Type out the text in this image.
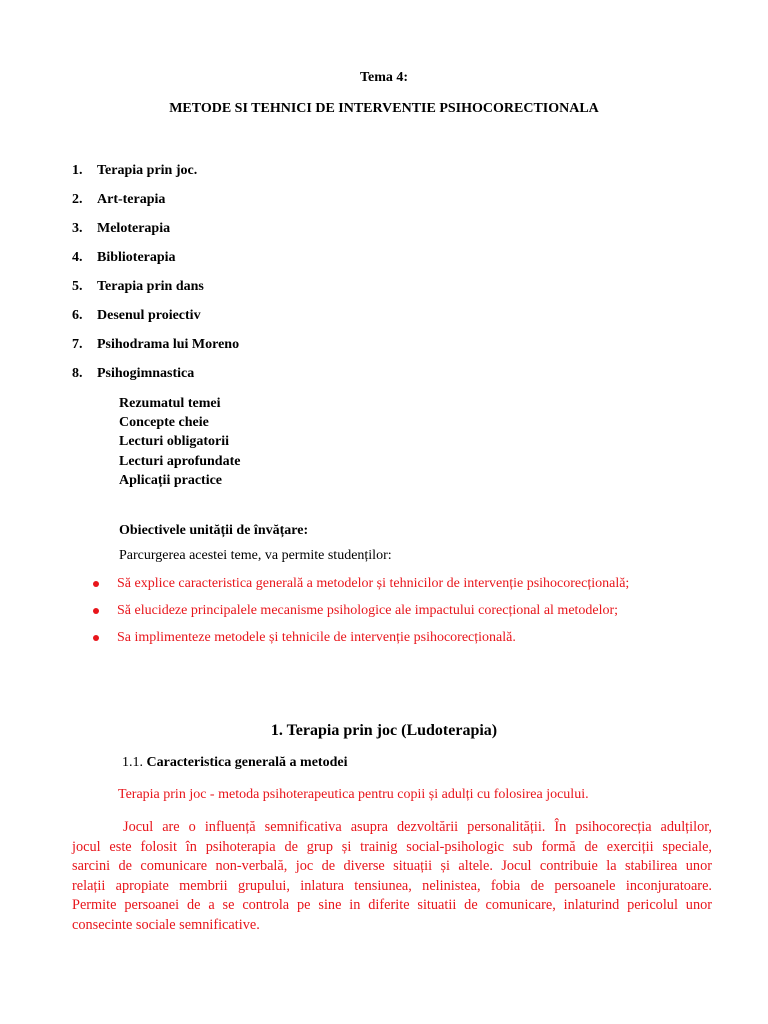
Tema 4:
METODE SI TEHNICI DE INTERVENTIE PSIHOCORECTIONALA
1.	Terapia prin joc.
2.	Art-terapia
3.	Meloterapia
4.	Biblioterapia
5.	Terapia prin dans
6.	Desenul proiectiv
7.	Psihodrama lui Moreno
8.	Psihogimnastica
Rezumatul temei
Concepte cheie
Lecturi obligatorii
Lecturi aprofundate
Aplicații practice
Obiectivele unității de învățare:
Parcurgerea acestei teme, va permite studenților:
Să explice caracteristica generală a metodelor și tehnicilor de intervenție psihocorecțională;
Să elucideze principalele mecanisme psihologice ale impactului corecțional al metodelor;
Sa implimenteze metodele și tehnicile de intervenție psihocorecțională.
1. Terapia prin joc (Ludoterapia)
1.1. Caracteristica generală a metodei
Terapia prin joc - metoda psihoterapeutica pentru copii și adulți cu folosirea jocului.
Jocul are o influență semnificativa asupra dezvoltării personalității. În psihocorecția adulților,
jocul este folosit în psihoterapia de grup și trainig social-psihologic sub formă de exerciții speciale,
sarcini de comunicare non-verbală, joc de diverse situații și altele. Jocul contribuie la stabilirea unor
relații apropiate membrii grupului, inlatura tensiunea, nelinistea, fobia de persoanele inconjuratoare.
Permite persoanei de a se controla pe sine in diferite situatii de comunicare, inlaturind pericolul unor
consecinte sociale semnificative.
